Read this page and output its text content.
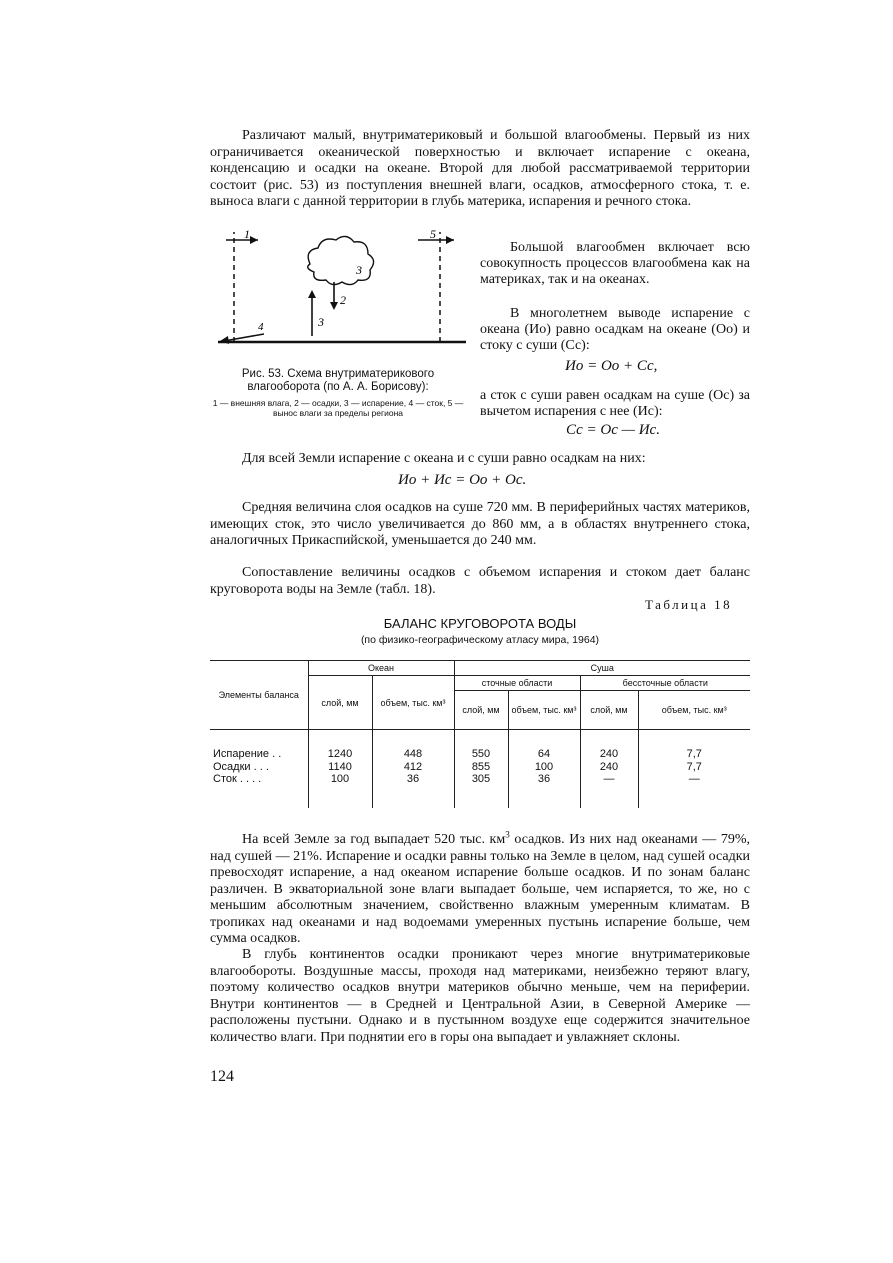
Различают малый, внутриматериковый и большой влагообмены. Первый из них ограничивается океанической поверхностью и включает испарение с океана, конденсацию и осадки на океане. Второй для любой рассматриваемой территории состоит (рис. 53) из поступления внешней влаги, осадков, атмосферного стока, т. е. выноса влаги с данной территории в глубь материка, испарения и речного стока.
1
2
3
3
4
5
Рис. 53. Схема внутриматерикового влагооборота (по А. А. Борисову):
1 — внешняя влага, 2 — осадки, 3 — испарение, 4 — сток, 5 — вынос влаги за пределы региона
Большой влагообмен включает всю совокупность процессов влагообмена как на материках, так и на океанах.
В многолетнем выводе испарение с океана (Ио) равно осадкам на океане (Оо) и стоку с суши (Сс):
Ио = Оо + Сс,
а сток с суши равен осадкам на суше (Ос) за вычетом испарения с нее (Ис):
Сс = Ос — Ис.
Для всей Земли испарение с океана и с суши равно осадкам на них:
Ио + Ис = Оо + Ос.
Средняя величина слоя осадков на суше 720 мм. В периферийных частях материков, имеющих сток, это число увеличивается до 860 мм, а в областях внутреннего стока, аналогичных Прикаспийской, уменьшается до 240 мм.
Сопоставление величины осадков с объемом испарения и стоком дает баланс круговорота воды на Земле (табл. 18).
Таблица 18
БАЛАНС КРУГОВОРОТА ВОДЫ
(по физико-географическому атласу мира, 1964)
Элементы баланса	Океан		Суша			
	слой, мм	объем, тыс. км³	сточные области		бессточные области	
			слой, мм	объем, тыс. км³	слой, мм	объем, тыс. км³

Испарение . .	1240	448	550	64	240	7,7
Осадки . . .	1140	412	855	100	240	7,7
Сток . . . .	100	36	305	36	—	—

На всей Земле за год выпадает 520 тыс. $км^3$ осадков. Из них над океанами — 79%, над сушей — 21%. Испарение и осадки равны только на Земле в целом, над сушей осадки превосходят испарение, а над океаном испарение больше осадков. И по зонам баланс различен. В экваториальной зоне влаги выпадает больше, чем испаряется, то же, но с меньшим абсолютным значением, свойственно влажным умеренным климатам. В тропиках над океанами и над водоемами умеренных пустынь испарение больше, чем сумма осадков.
В глубь континентов осадки проникают через многие внутриматериковые влагообороты. Воздушные массы, проходя над материками, неизбежно теряют влагу, поэтому количество осадков внутри материков обычно меньше, чем на периферии. Внутри континентов — в Средней и Центральной Азии, в Северной Америке — расположены пустыни. Однако и в пустынном воздухе еще содержится значительное количество влаги. При поднятии его в горы она выпадает и увлажняет склоны.
124
